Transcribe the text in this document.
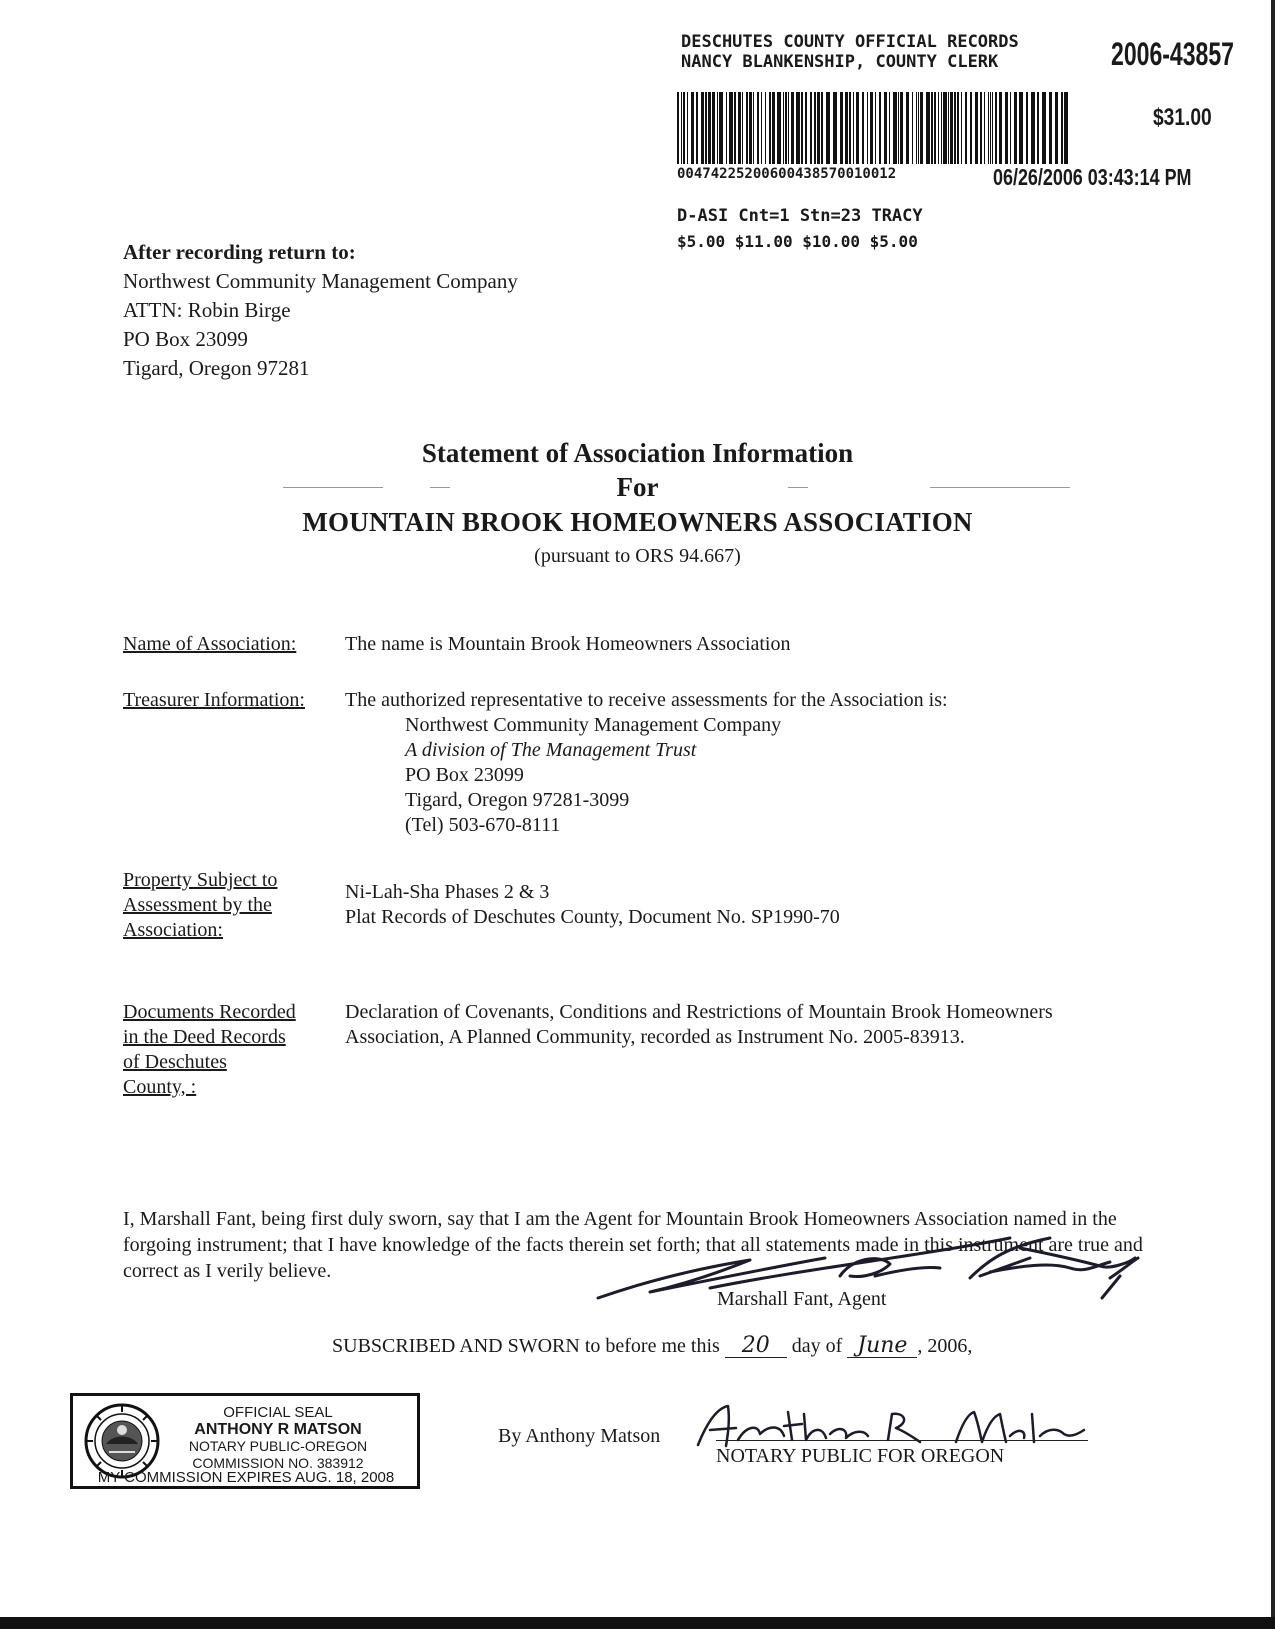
DESCHUTES COUNTY OFFICIAL RECORDS
NANCY BLANKENSHIP, COUNTY CLERK	2006-43857
$31.00
00474225200600438570010012	06/26/2006 03:43:14 PM
D-ASI Cnt=1 Stn=23 TRACY
$5.00 $11.00 $10.00 $5.00
After recording return to:
Northwest Community Management Company
ATTN: Robin Birge
PO Box 23099
Tigard, Oregon 97281
Statement of Association Information
For
MOUNTAIN BROOK HOMEOWNERS ASSOCIATION
(pursuant to ORS 94.667)
Name of Association: The name is Mountain Brook Homeowners Association
Treasurer Information: The authorized representative to receive assessments for the Association is:
Northwest Community Management Company
A division of The Management Trust
PO Box 23099
Tigard, Oregon 97281-3099
(Tel) 503-670-8111
Property Subject to
Assessment by the
Association:
Ni-Lah-Sha Phases 2 & 3
Plat Records of Deschutes County, Document No. SP1990-70
Documents Recorded
in the Deed Records
of Deschutes
County, :
Declaration of Covenants, Conditions and Restrictions of Mountain Brook Homeowners
Association, A Planned Community, recorded as Instrument No. 2005-83913.
I, Marshall Fant, being first duly sworn, say that I am the Agent for Mountain Brook Homeowners Association named in the forgoing instrument; that I have knowledge of the facts therein set forth; that all statements made in this instrument are true and correct as I verily believe.
Marshall Fant, Agent
SUBSCRIBED AND SWORN to before me this 20 day of June , 2006,
By Anthony Matson
NOTARY PUBLIC FOR OREGON
OFFICIAL SEAL
ANTHONY R MATSON
NOTARY PUBLIC-OREGON
COMMISSION NO. 383912
MY COMMISSION EXPIRES AUG. 18, 2008
